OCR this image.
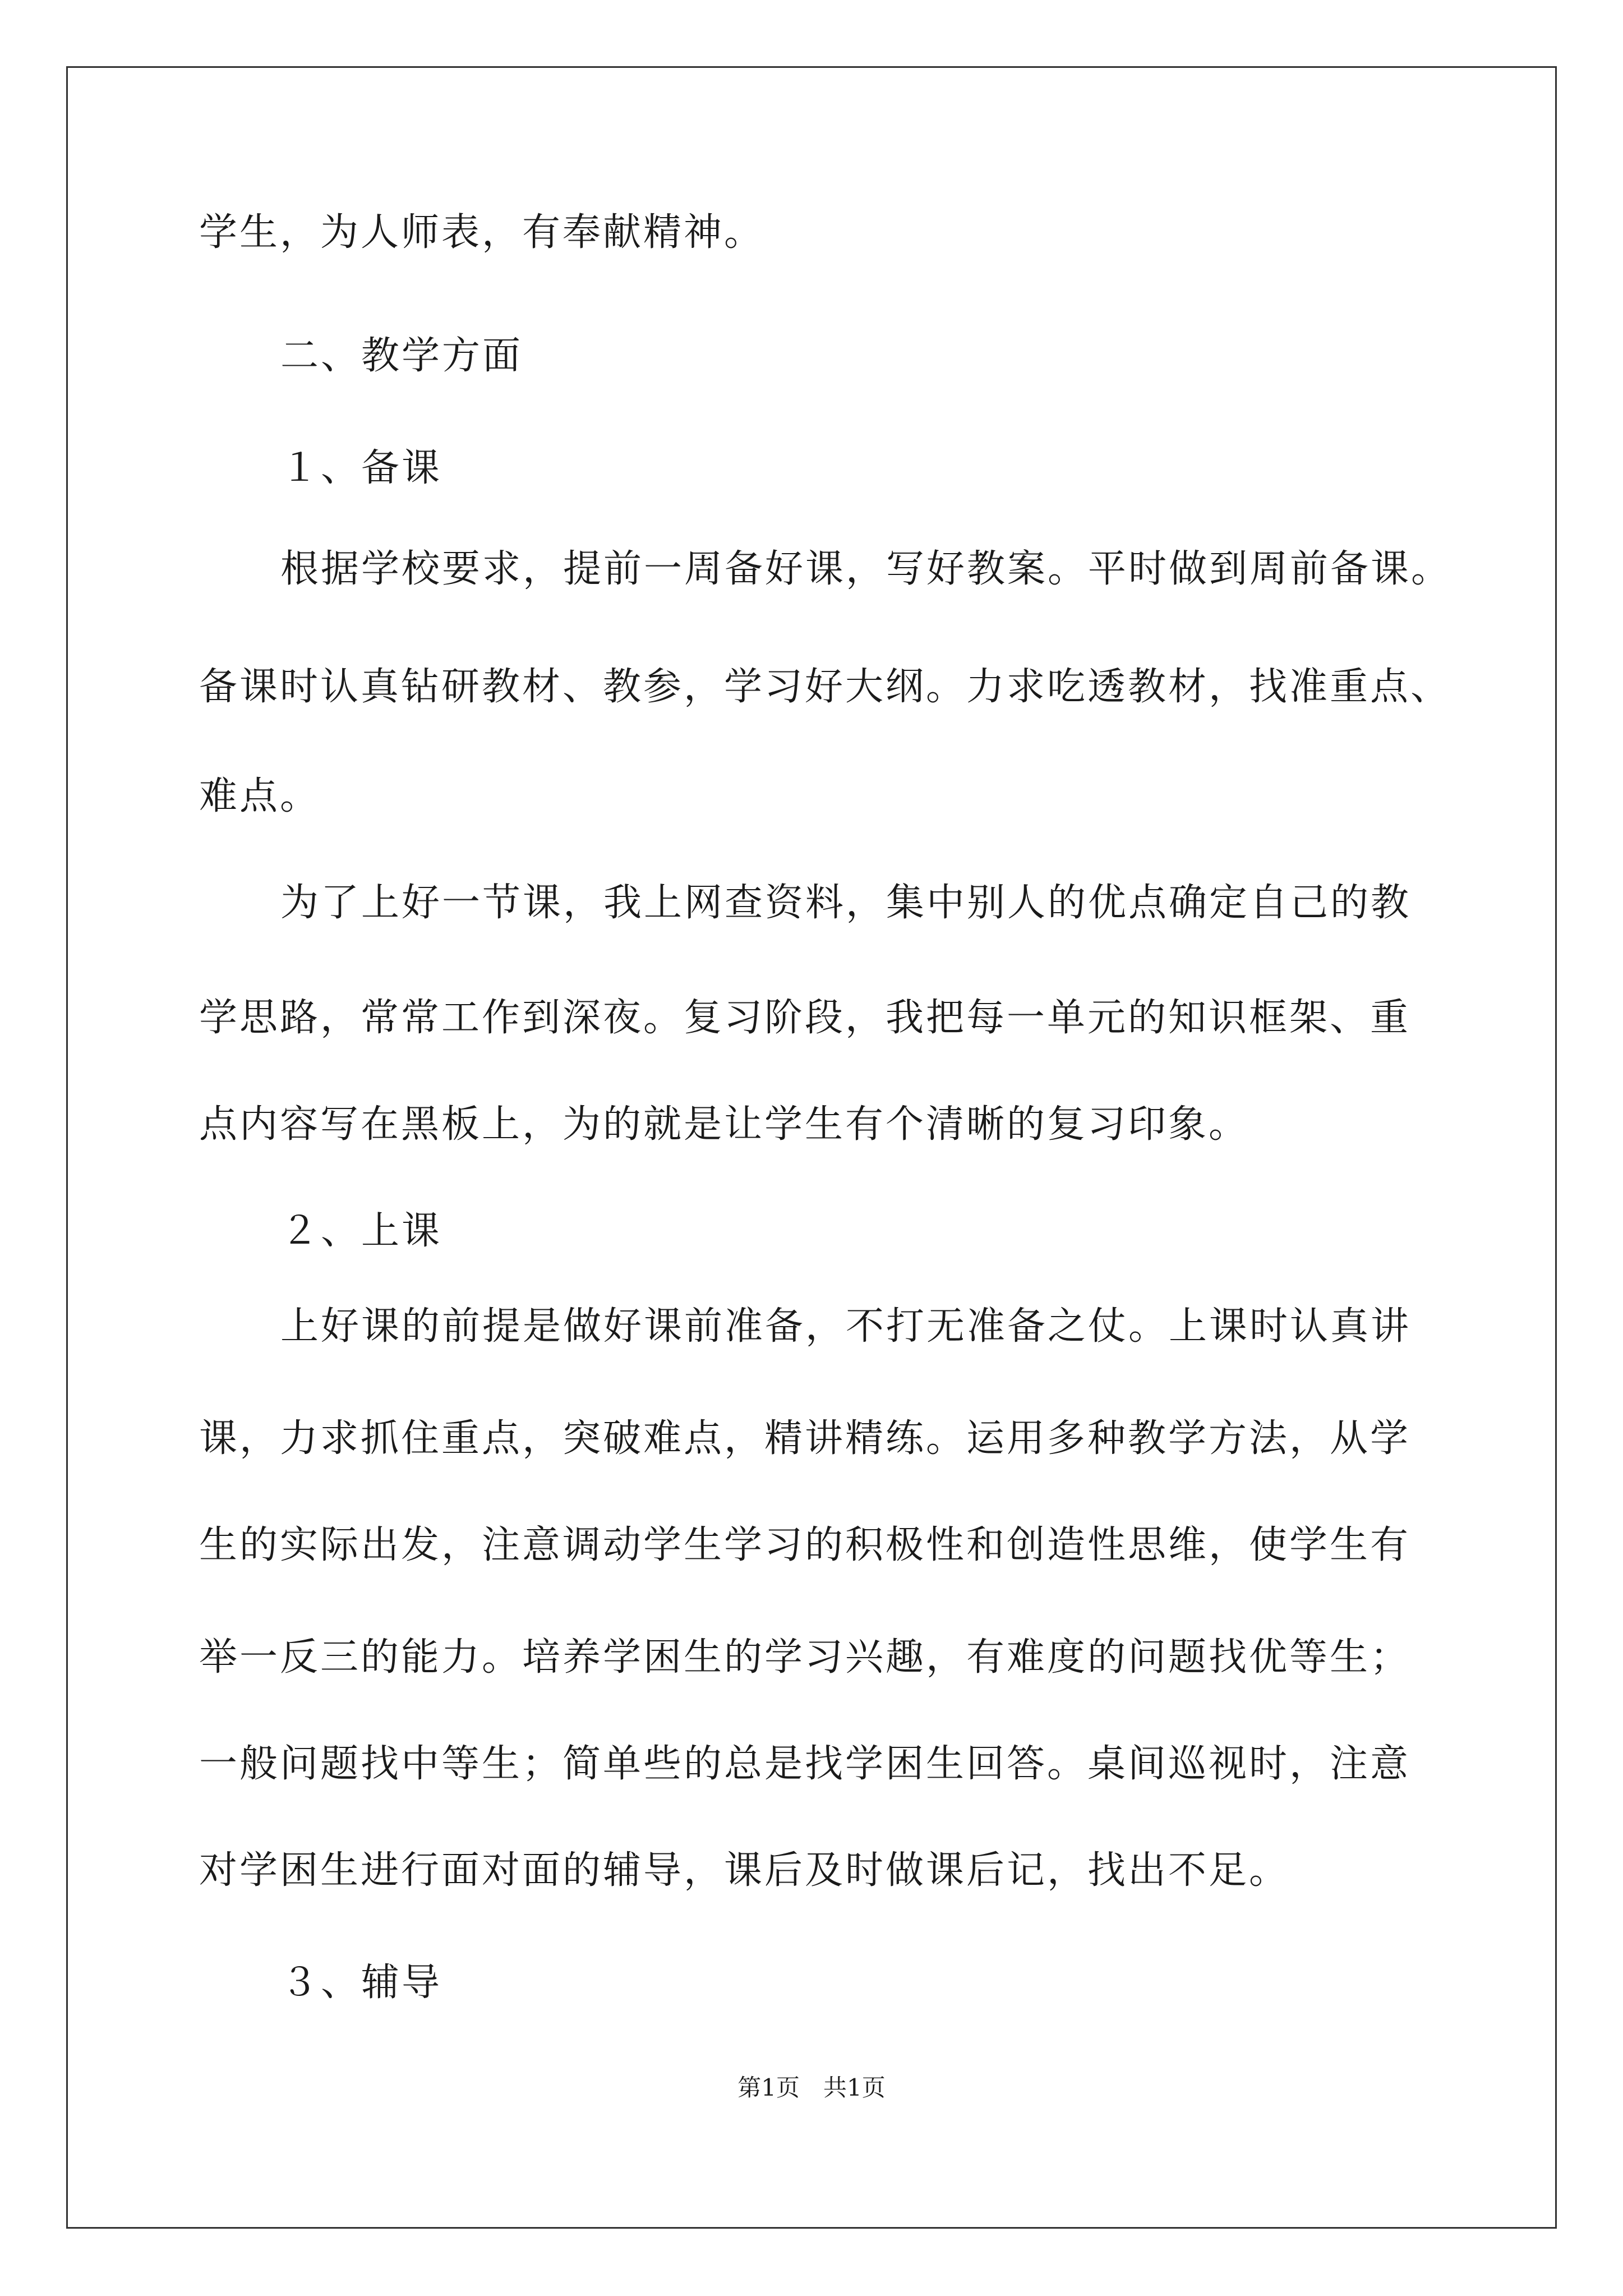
学生，为人师表，有奉献精神。
二、教学方面
１、备课
根据学校要求，提前一周备好课，写好教案。平时做到周前备课。
备课时认真钻研教材、教参，学习好大纲。力求吃透教材，找准重点、
难点。
为了上好一节课，我上网查资料，集中别人的优点确定自己的教
学思路，常常工作到深夜。复习阶段，我把每一单元的知识框架、重
点内容写在黑板上，为的就是让学生有个清晰的复习印象。
２、上课
上好课的前提是做好课前准备，不打无准备之仗。上课时认真讲
课，力求抓住重点，突破难点，精讲精练。运用多种教学方法，从学
生的实际出发，注意调动学生学习的积极性和创造性思维，使学生有
举一反三的能力。培养学困生的学习兴趣，有难度的问题找优等生；
一般问题找中等生；简单些的总是找学困生回答。桌间巡视时，注意
对学困生进行面对面的辅导，课后及时做课后记，找出不足。
３、辅导
第1页　共1页
